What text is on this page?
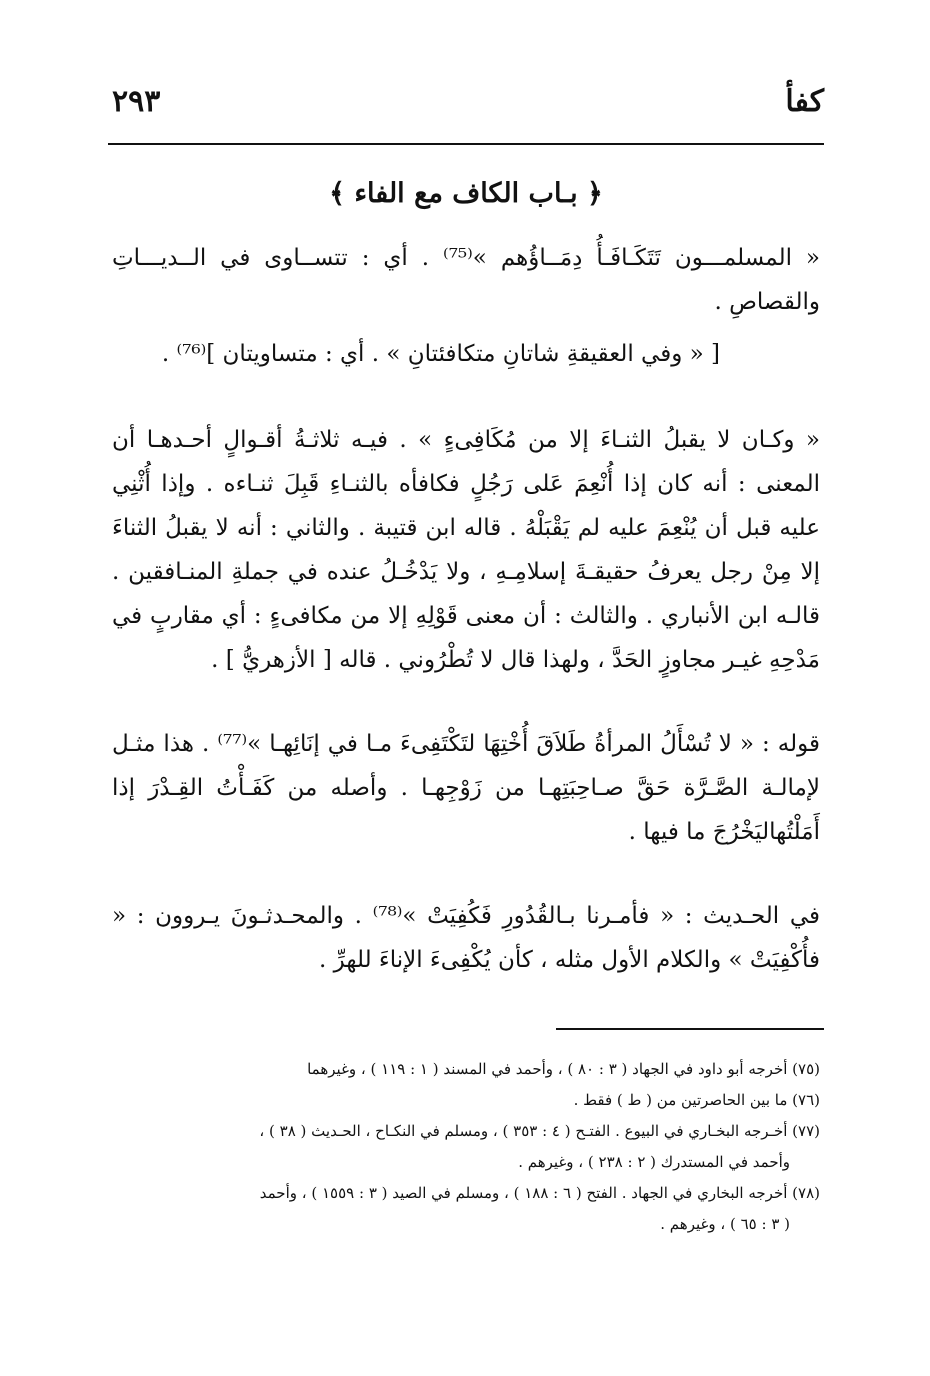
كفأ
٢٩٣
﴿ بـاب الكاف مع الفاء ﴾

« المسلمـــون تَتَكَـافَـأُ دِمَــاؤُهم »⁽⁷⁵⁾ . أي : تتســاوى في الــديـــاتِ والقصاصِ .

[ « وفي العقيقةِ شاتانِ متكافئتانِ » . أي : متساويتان ]⁽⁷⁶⁾ .

« وكـان لا يقبلُ الثنـاءَ إلا من مُكَافِىءٍ » . فيـه ثلاثـةُ أقـوالٍ أحـدهـا أن المعنى : أنه كان إذا أُنْعِمَ عَلى رَجُلٍ فكافأه بالثنـاءِ قَبِلَ ثنـاءه . وإذا أُثْنِي عليه قبل أن يُنْعِمَ عليه لم يَقْبَلْهُ . قاله ابن قتيبة . والثاني : أنه لا يقبلُ الثناءَ إلا مِنْ رجل يعرفُ حقيقـةَ إسلامِـهِ ، ولا يَدْخُـلُ عنده في جملةِ المنـافقين . قالـه ابن الأنباري . والثالث : أن معنى قَوْلِهِ إلا من مكافىءٍ : أي مقاربٍ في مَدْحِهِ غيـر مجاوزٍ الحَدَّ ، ولهذا قال لا تُطْرُوني . قاله [ الأزهريُّ ] .

قوله : « لا تُسْأَلُ المرأةُ طَلاَقَ أُخْتِهَا لتَكْتَفِىءَ مـا في إنَائِهـا »⁽⁷⁷⁾ . هذا مثـل لإمالـة الصَّـرَّة حَقَّ صـاحِبَتِهـا من زَوْجِهـا . وأصله من كَفَـأْتُ القِـدْرَ إذا أَمَلْتُهاليَخْرُجَ ما فيها .

في الحـديث : « فأمـرنا بـالقُدُورِ فَكُفِيَتْ »⁽⁷⁸⁾ . والمحـدثـونَ يـروون : « فأُكْفِيَتْ » والكلام الأول مثله ، كأن يُكْفِىءَ الإناءَ للهرِّ .

(٧٥) أخرجه أبو داود في الجهاد ( ٣ : ٨٠ ) ، وأحمد في المسند ( ١ : ١١٩ ) ، وغيرهما

(٧٦) ما بين الحاصرتين من ( ط ) فقط .

(٧٧) أخـرجه البخـاري في البيوع . الفتـح ( ٤ : ٣٥٣ ) ، ومسلم في النكـاح ، الحـديث ( ٣٨ ) ،

وأحمد في المستدرك ( ٢ : ٢٣٨ ) ، وغيرهم .

(٧٨) أخرجه البخاري في الجهاد . الفتح ( ٦ : ١٨٨ ) ، ومسلم في الصيد ( ٣ : ١٥٥٩ ) ، وأحمد

( ٣ : ٦٥ ) ، وغيرهم .
